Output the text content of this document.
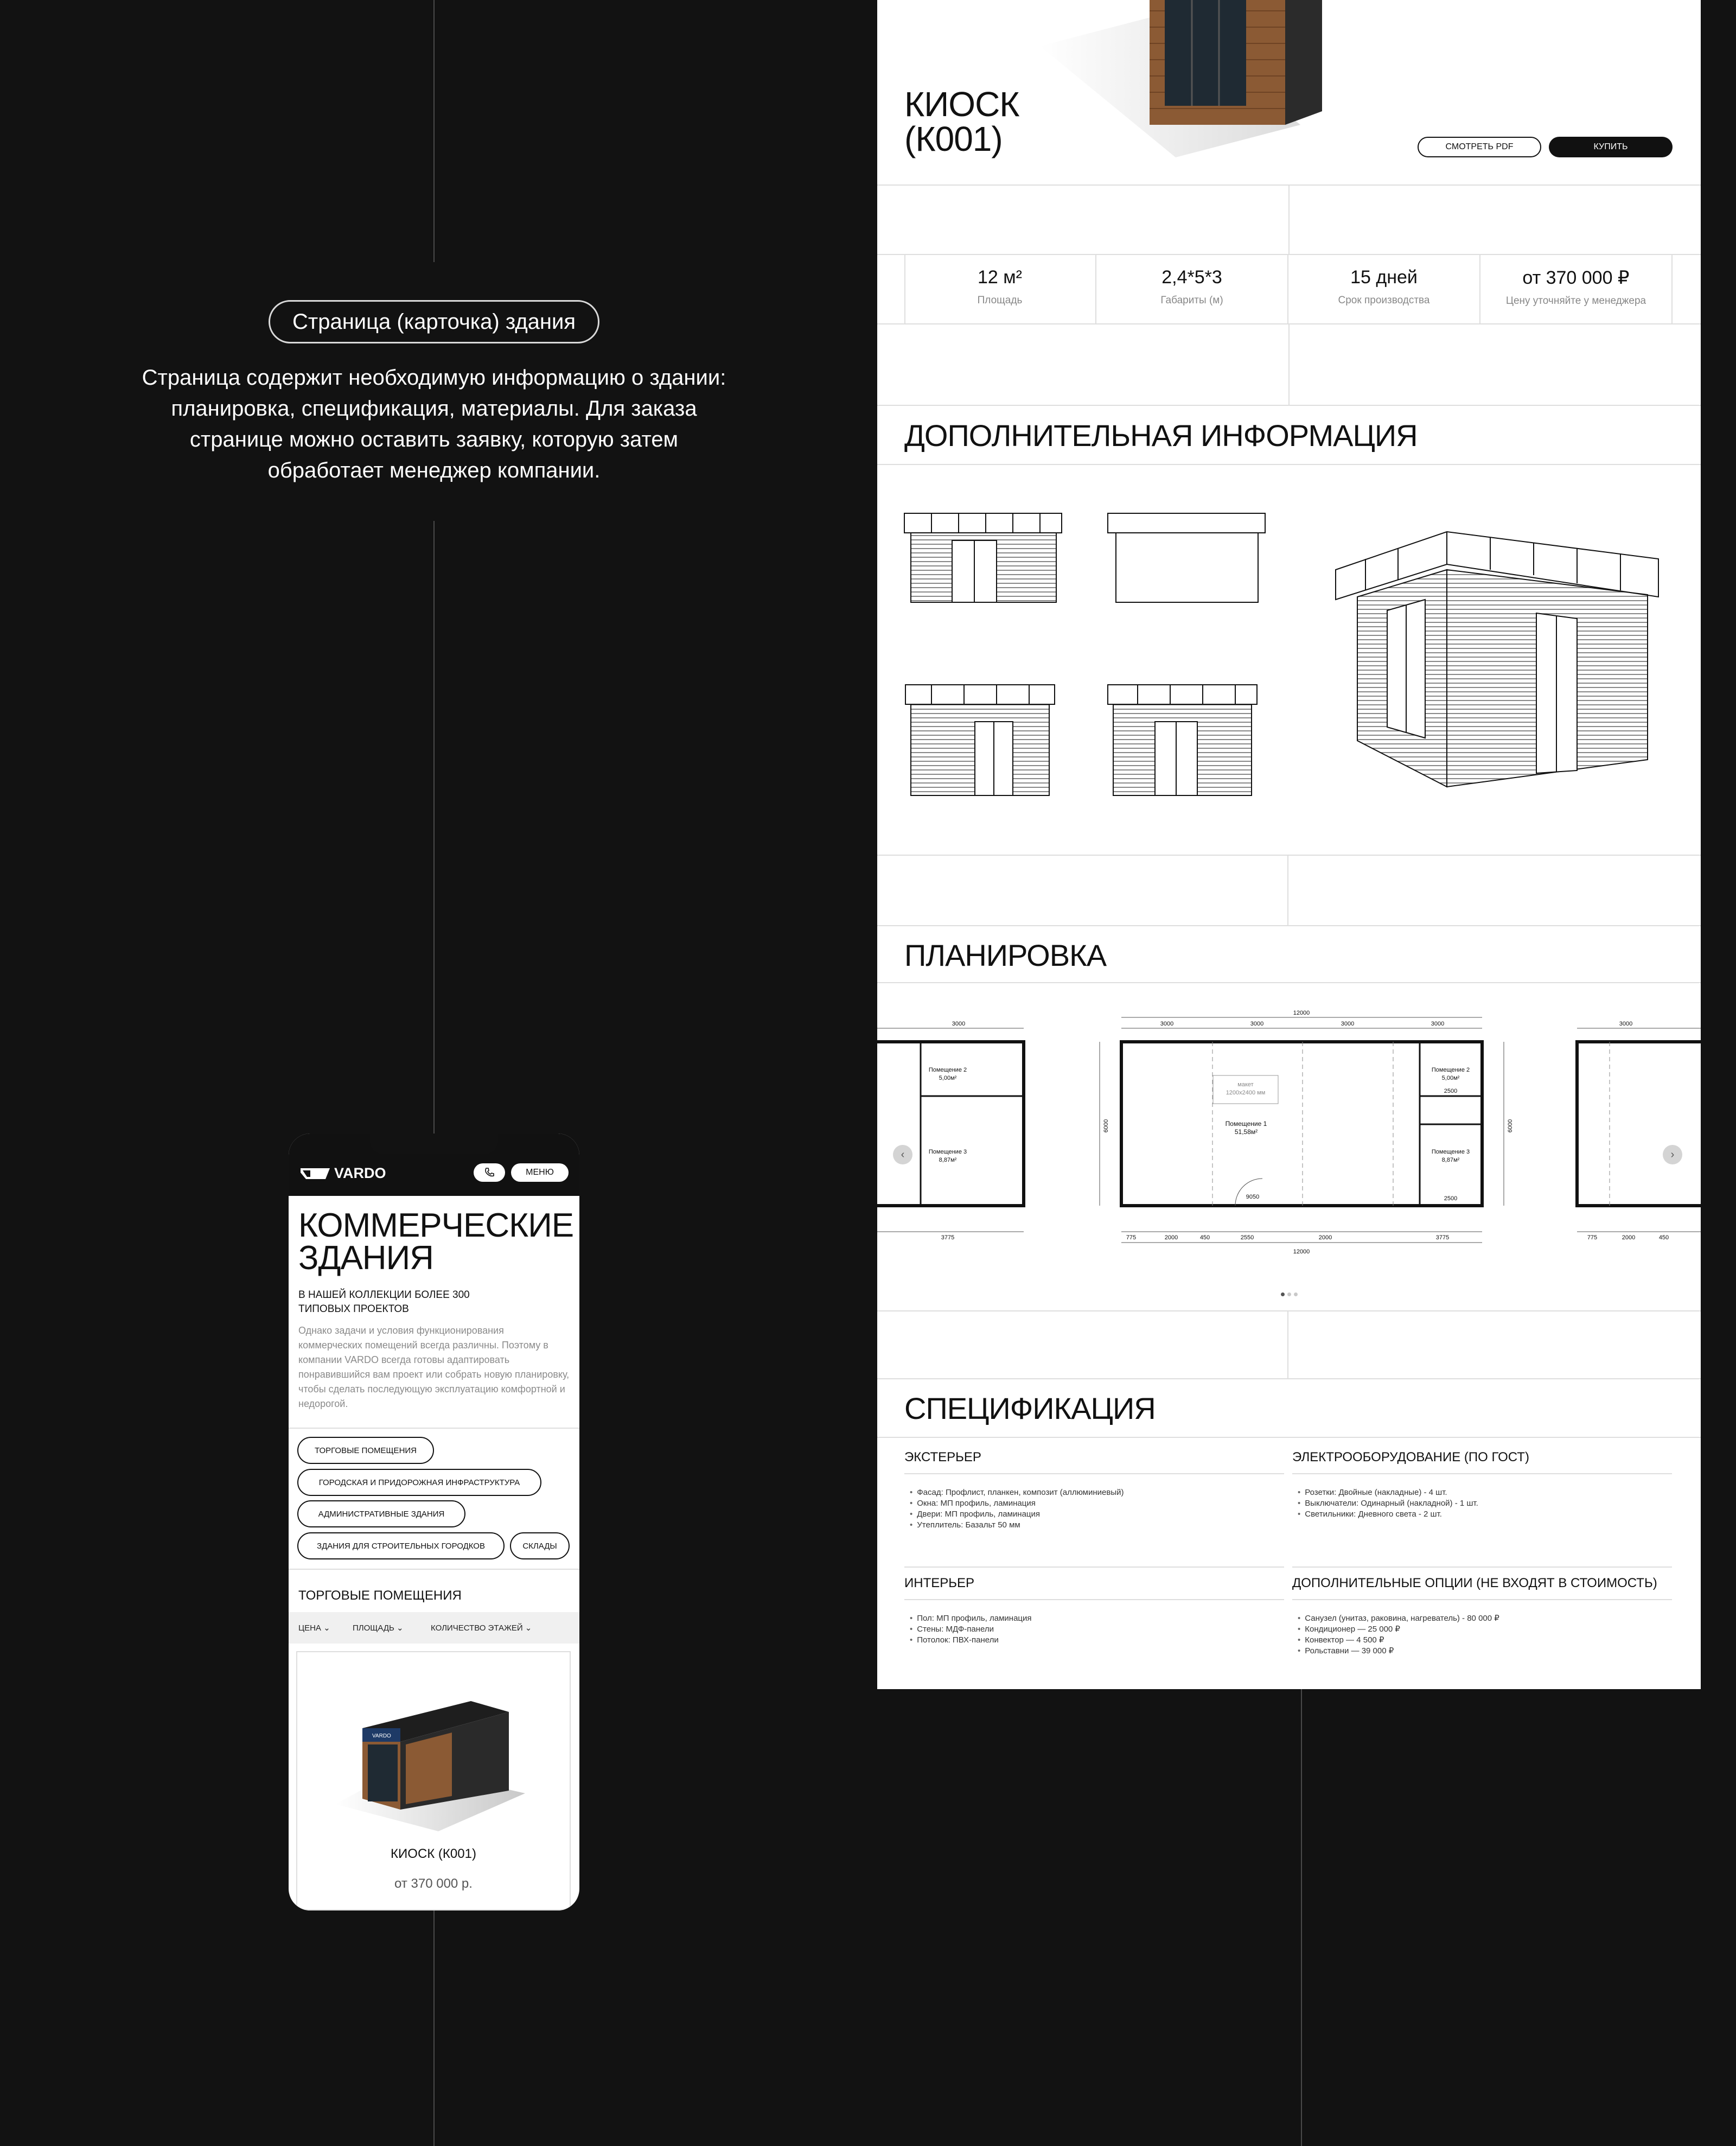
Страница (карточка) здания
Страница содержит необходимую информацию о здании: планировка, спецификация, материалы. Для заказа странице можно оставить заявку, которую затем обработает менеджер компании.
КИОСК (К001)	СМОТРЕТЬ PDF	КУПИТЬ
12 м²
Площадь
2,4*5*3
Габариты (м)
15 дней
Срок производства
от 370 000 ₽
Цену уточняйте у менеджера
ДОПОЛНИТЕЛЬНАЯ ИНФОРМАЦИЯ
ПЛАНИРОВКА
12000
12000
3000	3000	3000	3000
775	2000	450	2550	2000	3775
9050
2500
2500
Помещение 2
5,00м²
Помещение 3
8,87м²
Помещение 1
51,58м²
макет
1200x2400 мм
Помещение 2
5,00м²
Помещение 3
8,87м²
3000
3775
3000
775	2000	450
6000	6000
‹	›
СПЕЦИФИКАЦИЯ
ЭКСТЕРЬЕР
• Фасад: Профлист, планкен, композит (аллюминиевый)
• Окна: МП профиль, ламинация
• Двери: МП профиль, ламинация
• Утеплитель: Базальт 50 мм
ЭЛЕКТРООБОРУДОВАНИЕ (ПО ГОСТ)
• Розетки: Двойные (накладные) - 4 шт.
• Выключатели: Одинарный (накладной) - 1 шт.
• Светильники: Дневного света - 2 шт.
ИНТЕРЬЕР
• Пол: МП профиль, ламинация
• Стены: МДФ-панели
• Потолок: ПВХ-панели
ДОПОЛНИТЕЛЬНЫЕ ОПЦИИ (НЕ ВХОДЯТ В СТОИМОСТЬ)
• Санузел (унитаз, раковина, нагреватель) - 80 000 ₽
• Кондиционер — 25 000 ₽
• Конвектор — 4 500 ₽
• Рольставни — 39 000 ₽
VARDO	МЕНЮ
КОММЕРЧЕСКИЕ ЗДАНИЯ
В НАШЕЙ КОЛЛЕКЦИИ БОЛЕЕ 300 ТИПОВЫХ ПРОЕКТОВ
Однако задачи и условия функционирования коммерческих помещений всегда различны. Поэтому в компании VARDO всегда готовы адаптировать понравившийся вам проект или собрать новую планировку, чтобы сделать последующую эксплуатацию комфортной и недорогой.
ТОРГОВЫЕ ПОМЕЩЕНИЯ
ГОРОДСКАЯ И ПРИДОРОЖНАЯ ИНФРАСТРУКТУРА
АДМИНИСТРАТИВНЫЕ ЗДАНИЯ
ЗДАНИЯ ДЛЯ СТРОИТЕЛЬНЫХ ГОРОДКОВ	СКЛАДЫ
ТОРГОВЫЕ ПОМЕЩЕНИЯ
ЦЕНА ⌄	ПЛОЩАДЬ ⌄	КОЛИЧЕСТВО ЭТАЖЕЙ ⌄
VARDO
КИОСК (К001)
от 370 000 р.
